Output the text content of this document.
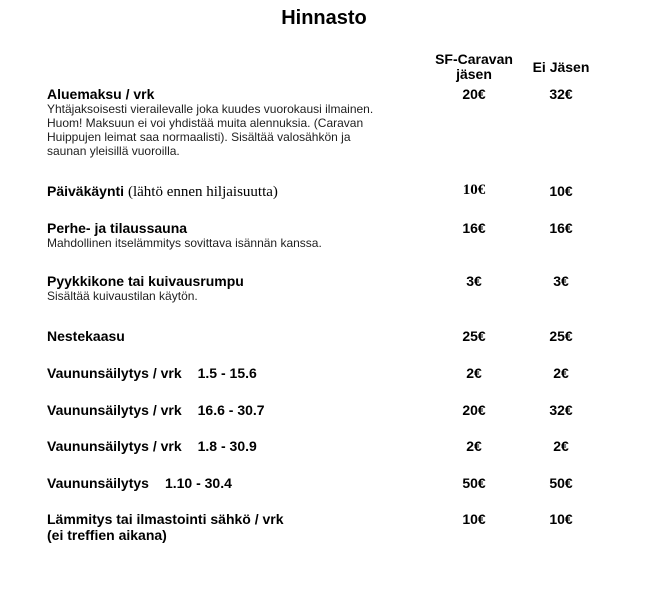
Hinnasto
SF-Caravan
jäsen	Ei Jäsen
Aluemaksu / vrk
Yhtäjaksoisesti vierailevalle joka kuudes vuorokausi ilmainen.
Huom! Maksuun ei voi yhdistää muita alennuksia. (Caravan
Huippujen leimat saa normaalisti). Sisältää valosähkön ja
saunan yleisillä vuoroilla.
20€	32€
Päiväkäynti (lähtö ennen hiljaisuutta)	10€	10€
Perhe- ja tilaussauna
Mahdollinen itselämmitys sovittava isännän kanssa.
16€	16€
Pyykkikone tai kuivausrumpu
Sisältää kuivaustilan käytön.
3€	3€
Nestekaasu	25€	25€
Vaununsäilytys / vrk 1.5 - 15.6	2€	2€
Vaununsäilytys / vrk 16.6 - 30.7	20€	32€
Vaununsäilytys / vrk 1.8 - 30.9	2€	2€
Vaununsäilytys 1.10 - 30.4	50€	50€
Lämmitys tai ilmastointi sähkö / vrk
(ei treffien aikana)
10€	10€
